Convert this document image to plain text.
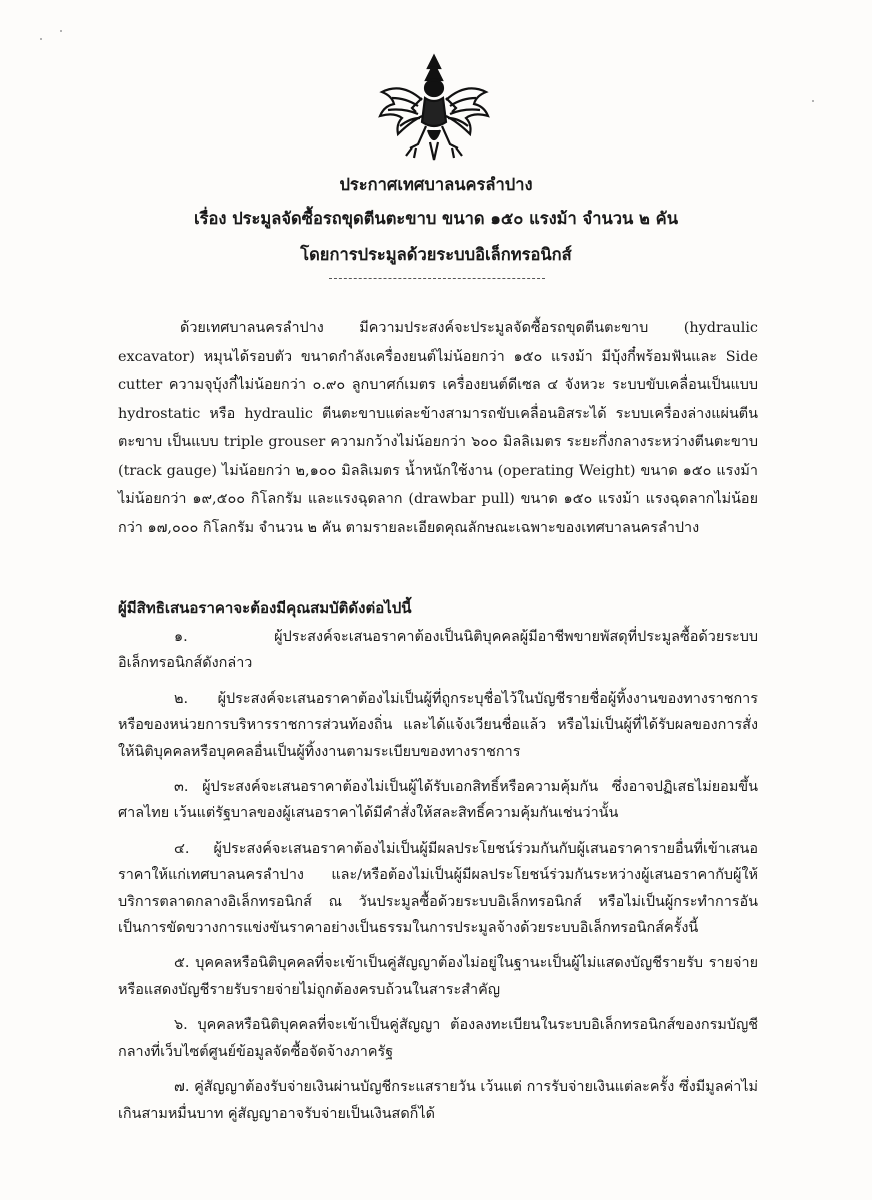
ประกาศเทศบาลนครลำปาง
เรื่อง ประมูลจัดซื้อรถขุดตีนตะขาบ ขนาด ๑๕๐ แรงม้า จำนวน ๒ คัน
โดยการประมูลด้วยระบบอิเล็กทรอนิกส์

ด้วยเทศบาลนครลำปาง มีความประสงค์จะประมูลจัดซื้อรถขุดตีนตะขาบ (hydraulic excavator) หมุนได้รอบตัว ขนาดกำลังเครื่องยนต์ไม่น้อยกว่า ๑๕๐ แรงม้า มีบุ้งกี๋พร้อมฟันและ Side cutter ความจุบุ้งกี๋ไม่น้อยกว่า ๐.๙๐ ลูกบาศก์เมตร เครื่องยนต์ดีเซล ๔ จังหวะ ระบบขับเคลื่อนเป็นแบบ hydrostatic หรือ hydraulic ตีนตะขาบแต่ละข้างสามารถขับเคลื่อนอิสระได้ ระบบเครื่องล่างแผ่นตีนตะขาบ เป็นแบบ triple grouser ความกว้างไม่น้อยกว่า ๖๐๐ มิลลิเมตร ระยะกึ่งกลางระหว่างตีนตะขาบ (track gauge) ไม่น้อยกว่า ๒,๑๐๐ มิลลิเมตร น้ำหนักใช้งาน (operating Weight) ขนาด ๑๕๐ แรงม้า ไม่น้อยกว่า ๑๙,๕๐๐ กิโลกรัม และแรงฉุดลาก (drawbar pull) ขนาด ๑๕๐ แรงม้า แรงฉุดลากไม่น้อยกว่า ๑๗,๐๐๐ กิโลกรัม จำนวน ๒ คัน ตามรายละเอียดคุณลักษณะเฉพาะของเทศบาลนครลำปาง

ผู้มีสิทธิเสนอราคาจะต้องมีคุณสมบัติดังต่อไปนี้

๑. ผู้ประสงค์จะเสนอราคาต้องเป็นนิติบุคคลผู้มีอาชีพขายพัสดุที่ประมูลซื้อด้วยระบบอิเล็กทรอนิกส์ดังกล่าว

๒. ผู้ประสงค์จะเสนอราคาต้องไม่เป็นผู้ที่ถูกระบุชื่อไว้ในบัญชีรายชื่อผู้ทิ้งงานของทางราชการหรือของหน่วยการบริหารราชการส่วนท้องถิ่น และได้แจ้งเวียนชื่อแล้ว หรือไม่เป็นผู้ที่ได้รับผลของการสั่งให้นิติบุคคลหรือบุคคลอื่นเป็นผู้ทิ้งงานตามระเบียบของทางราชการ

๓. ผู้ประสงค์จะเสนอราคาต้องไม่เป็นผู้ได้รับเอกสิทธิ์หรือความคุ้มกัน ซึ่งอาจปฏิเสธไม่ยอมขึ้นศาลไทย เว้นแต่รัฐบาลของผู้เสนอราคาได้มีคำสั่งให้สละสิทธิ์ความคุ้มกันเช่นว่านั้น

๔. ผู้ประสงค์จะเสนอราคาต้องไม่เป็นผู้มีผลประโยชน์ร่วมกันกับผู้เสนอราคารายอื่นที่เข้าเสนอราคาให้แก่เทศบาลนครลำปาง และ/หรือต้องไม่เป็นผู้มีผลประโยชน์ร่วมกันระหว่างผู้เสนอราคากับผู้ให้บริการตลาดกลางอิเล็กทรอนิกส์ ณ วันประมูลซื้อด้วยระบบอิเล็กทรอนิกส์ หรือไม่เป็นผู้กระทำการอันเป็นการขัดขวางการแข่งขันราคาอย่างเป็นธรรมในการประมูลจ้างด้วยระบบอิเล็กทรอนิกส์ครั้งนี้

๕. บุคคลหรือนิติบุคคลที่จะเข้าเป็นคู่สัญญาต้องไม่อยู่ในฐานะเป็นผู้ไม่แสดงบัญชีรายรับ รายจ่ายหรือแสดงบัญชีรายรับรายจ่ายไม่ถูกต้องครบถ้วนในสาระสำคัญ

๖. บุคคลหรือนิติบุคคลที่จะเข้าเป็นคู่สัญญา ต้องลงทะเบียนในระบบอิเล็กทรอนิกส์ของกรมบัญชีกลางที่เว็บไซต์ศูนย์ข้อมูลจัดซื้อจัดจ้างภาครัฐ

๗. คู่สัญญาต้องรับจ่ายเงินผ่านบัญชีกระแสรายวัน เว้นแต่ การรับจ่ายเงินแต่ละครั้ง ซึ่งมีมูลค่าไม่เกินสามหมื่นบาท คู่สัญญาอาจรับจ่ายเป็นเงินสดก็ได้
